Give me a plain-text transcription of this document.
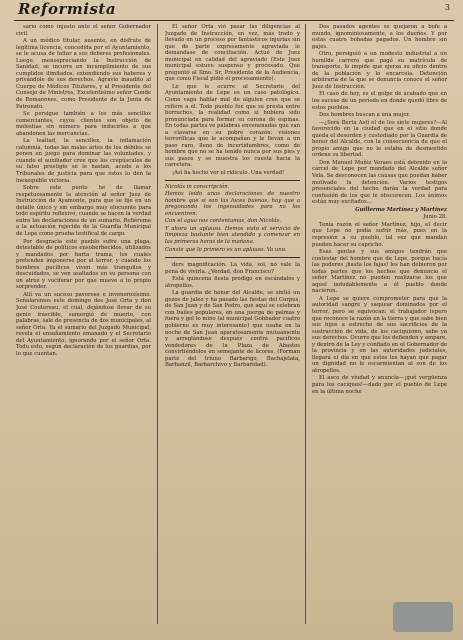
Reformista	3

sario como injusto ante el señor Gobernador civil.

A un médico titular, ausente, en disfrute de legítima licencia, concedida por el Ayuntamiento, se le acusa de faltar a sus deberes profesionales. Luego, menospreciando la Instrucción de Sanidad, se incurre en incumplimiento de sus cumplidos ilimitados, extendiendo sus haberes y privándole de sus derechos. Agravio inaudito al Cuerpo de Médicos Titulares, y al Presidente del Consejo de Ministros, Excelentísimo señor Conde de Romanones, como Presidente de la Junta de Patronato.

Se persigue también a los más sencillos comerciantes, cuyos clientes son objeto de molestias sin número para inducirles a que abandonen las mercancías.

La lealtad, la sencillez, la inflamación calumnia, todas las malas artes de los débiles se ponen en juego para dominar las voluntades, y cuando el auxiliador cree que los crepúsculos de su falso prestigio se le hastan, acude a los Tribunales de justicia para que estos lo den la inexequible victoria.

Sobre este punto he de llamar respetuosamente la atención al señor Juez de Instrucción de Ayamonte, para que se fije en un detalle único y sin embargo muy elocuente para todo espíritu reflexivo, cuando se hacen la verdad entre las declaraciones de un sumario. Refiéreme a la actuación rejecida de la Guardia Municipal de Lepe como prueba testifical de cargo.

Por desgracia este pueblo sufre una plaga, detestable de políticos ensoberbecidos, utilizados y mandados por harta trama, los cuales pretenden imponerse por el terror, y cuando los hombres pacíficos viven más tranquilos y descuidados, se ven asaltados en su persona con un atroz y vociferar por que mueve a lo propio sorprender.

Allí va un suceso pavoroso e invenerosísimo. Señalaremos este domingo dos José Orta y don José Coutereau, el cual, dejándose llevar de su genio irascible, sumergió de muerte, con palabras, sale de presencia de dos municipales, al señor Orta. Ya el sumario del Juzgado Municipal, revela el ensañamiento emanado y el Secretario del Ayuntamiento, ignorando por el señor Orta. Todo esto, según declaración de los guardias, por lo que cuentan.

El señor Orta vió pasar las diligencias al Juzgado de Instrucción, en vez, más trado y llevado en un proceso por fantásticos injurias sin que de parte expresamente agraviada le demandase de conciliación. Actuó de Juez municipal en calidad del agraviado (Este Juez municipal estuvo suspenso y procesado. Que preguntó al Ilmo. Sr. Presidente de la Audiencia, que como Fiscal pidió el procesamiento).

Lo que le ocurre al Secretario del Ayuntamiento de Lepe es un caso patológico. Como vaga hablar mal de alguien cree que se refiere a él. Todo pueblo fue que se presta entre borrachos, la realidad como si hubiera sido pronunciada para formar su corona de espinas. En todas partes ve palabras envenenadas que van a clavarse en su pobre corazón: visiones terroríficas que le acompañan y le llevan a un paso raro, lleno de incertidumbres, como de hombre que no se ha tenido nunca por sus pies y sus pasos y se muestra los cuesta hacia la carretera.

¡Asi ha hecho ver el ridículo. Una verdad!

Nicolás in conscripción.

Hemos leído unas declaraciones de nuestro hombre que si son las luces buenas, hay que a pregonando los ingenuidades para no los encuentren.

Con el agua nos contentamos, don Nicolás.

Y ahora un aplauso. Hemos visto el servicio de limpieza bastante bien atendido y comenzar en las primeras horas de la mañana.

Conste que lo primero es un aplauso. Va uno.

ders magnificación. La vida, sol, no vale la pena de vivirla. ¿Verdad, don Francisco?

Está quincena fiesta prodigo en escándalos y atropellos.

La guardia de honor del Alcalde, se sintió un gozos de jaleo y ha pasado las fiestas del Corpus, de San Juan y de San Pedro, que aquí se celebran con bailes populares, en una juerga de palmas y fuera y gol lo mino (al municipal Gobbador cuatro gobierno es muy interesante) que usaba en la noche de San Juan aparatosamente mutuamente y arreglándose después contra pacíficos vendedores de la Plaza de Abastos convirtiéndolos en semejante de lícores. (Forman parte del triuno Barbarigo, Bachajelata, Barbanzil, Barbarchivo y Barbaridad).

Dos pasados agentes se quejaron a bofe a mundo, ignominiosamente, a los dueños. Y por estas cuatro bobadas pagados. Un hombre sin gajes.

Otro, persiguió a un modesto industrial a un humilde carrero que pagó su matrícula de transporte, le impide que ejerza su oficio dentro de la población y lo encarcela. Detención arbitraria de la que se denuncia conoce el señor Juez de Instrucción.

El caso de hoy, es el golpe de acabado que en los suceso de un período en donde quedó libre de estos pueblos.

Dos hombres buscan a una mujer.

—¿Será Berta Astí el de los siete mujeres?—Al favorecido en la ciudad que en el sitio donde queda el desorden y custodiado por la Guardia de honor del Alcalde, con la consecuencia de que el propio amigo que no le estaba de desmentido ordene su libertad.

Don Manuel Muñiz Veraes está detenido en la cárcel de Lepe por mandado del Alcalde señor Vela. Se desconocen las causas que puedan haber motivado la detención. Varios testigos presenciales del hecho darán la verdad para confusión de los que le obscurecen. Los ánimos están muy excitados...

Guillermo Martínez y Martínez

Junio 28.

Tenía razón el señor Martínez, hijo, el decir que Lepe no podía sufrir más, pues en la represión a su pueblo, tal vez que mandan pueden hacer su capricho.

Esas gentes y sus amigos tendrán que contestar del hombre que de Lepe, porque hacía las poderes ¡hasta los fajas! les han debieron por todas partes que los hechos que denuncio el señor Martínez no pueden realizarse los que aquel indudablemente a él pueblo donde nacieron.

A Lepe se quiere comprometer para que la autoridad sangre y saquear dominados por el terror, pero se equivocan; el trabajador lepero que reconoce la razón en la tierra y que sabe bien sus hijos a estrecho de sus sacrificios de la sustracción de vida, de los caciquismo, sabe ya sus derechos. Ocurre que los defienden y ampare, y dentro de la Ley y confiado en el Gobernador de la provincia y en las autoridades judiciales, llegará el día en que estos los hayan que pagar un dignidad no le escarmientan al son de los atropellos.

El asco de viudad y anuncia—¡qué vergüenza para los caciques!—dado por el pueblo de Lepe en la última noche
